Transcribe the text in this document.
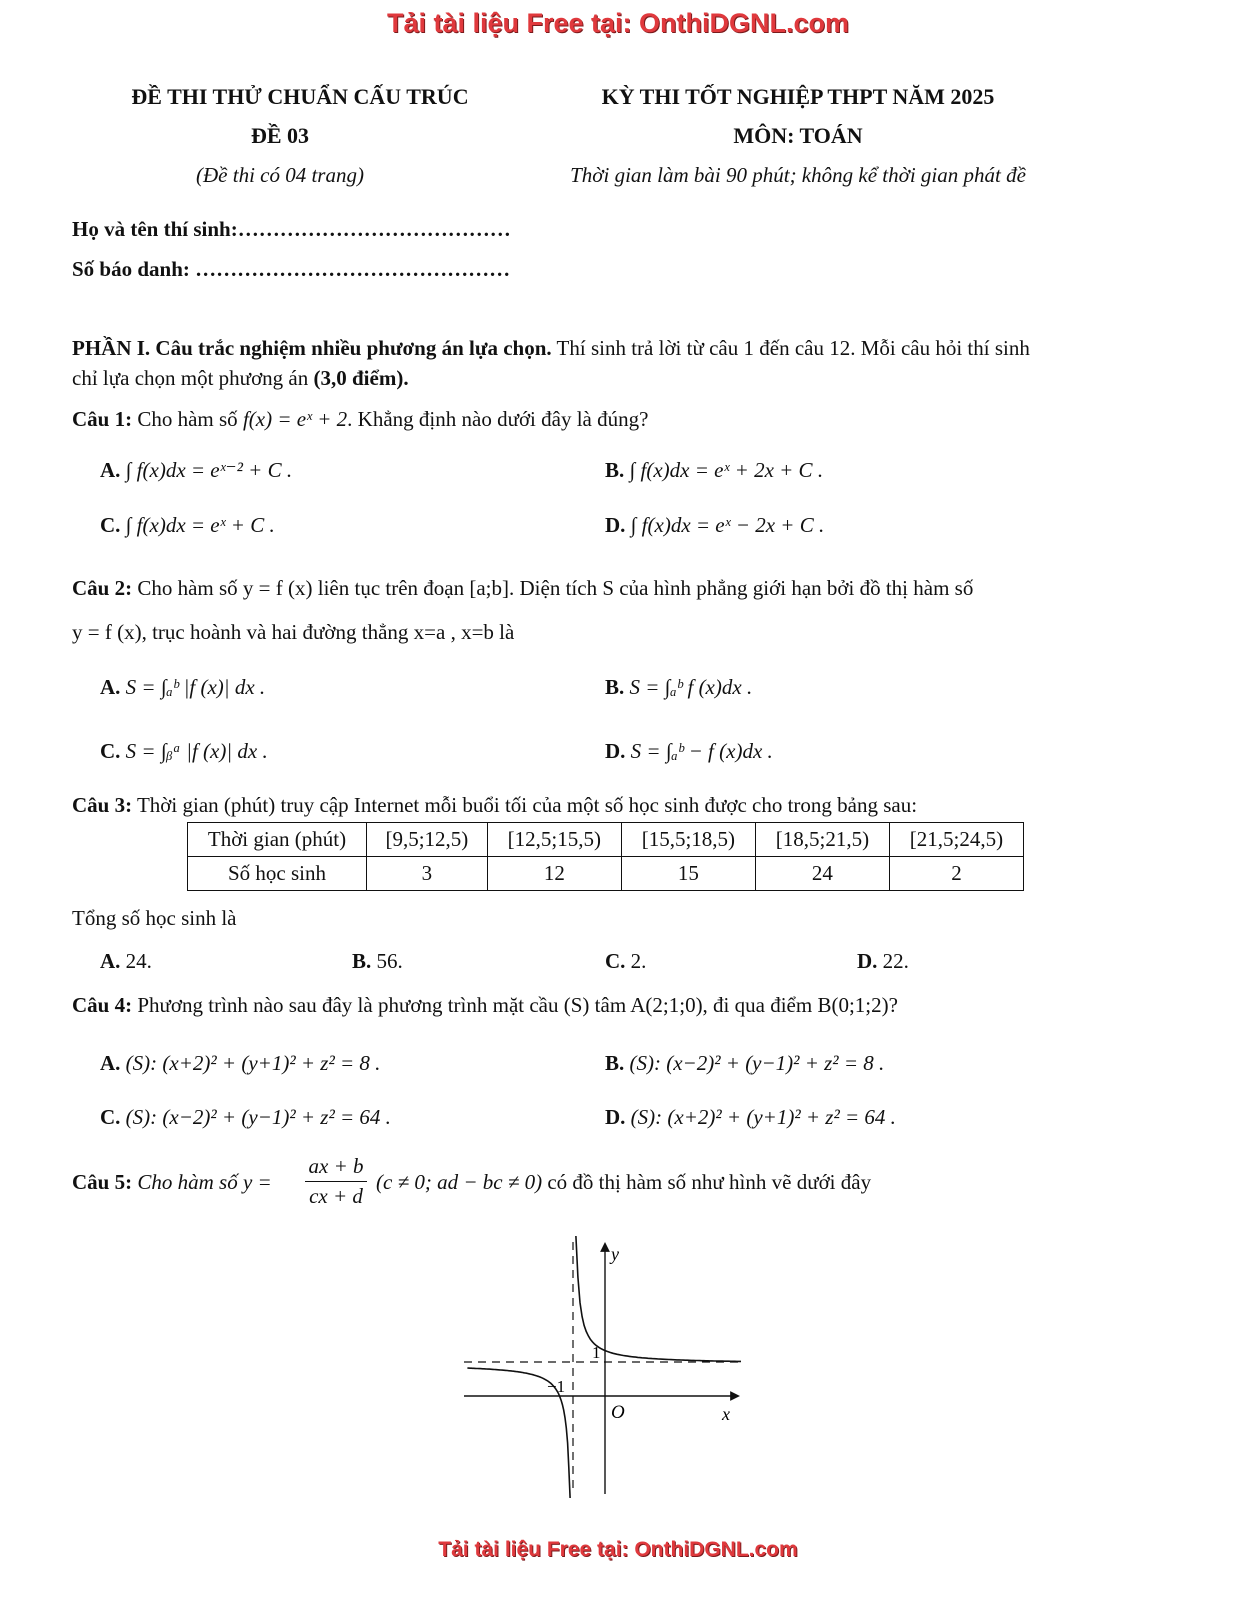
Tải tài liệu Free tại: OnthiDGNL.com
ĐỀ THI THỬ CHUẨN CẤU TRÚC
ĐỀ 03
(Đề thi có 04 trang)
KỲ THI TỐT NGHIỆP THPT NĂM 2025
MÔN: TOÁN
Thời gian làm bài 90 phút; không kể thời gian phát đề
Họ và tên thí sinh:…………………………………
Số báo danh: ………………………………………
PHẦN I. Câu trắc nghiệm nhiều phương án lựa chọn. Thí sinh trả lời từ câu 1 đến câu 12. Mỗi câu hỏi thí sinh
chỉ lựa chọn một phương án (3,0 điểm).
Câu 1: Cho hàm số f(x) = eˣ + 2. Khẳng định nào dưới đây là đúng?
A. ∫ f(x)dx = eˣ⁻² + C .	B. ∫ f(x)dx = eˣ + 2x + C .
C. ∫ f(x)dx = eˣ + C .	D. ∫ f(x)dx = eˣ − 2x + C .
Câu 2: Cho hàm số y = f (x) liên tục trên đoạn [a;b]. Diện tích S của hình phẳng giới hạn bởi đồ thị hàm số
y = f (x), trục hoành và hai đường thẳng x=a , x=b là
A. S = ∫ₐᵇ |f (x)| dx .	B. S = ∫ₐᵇ f (x)dx .
C. S = ∫ᵦᵃ |f (x)| dx .	D. S = ∫ₐᵇ − f (x)dx .
Câu 3: Thời gian (phút) truy cập Internet mỗi buổi tối của một số học sinh được cho trong bảng sau:
Thời gian (phút)	[9,5;12,5)	[12,5;15,5)	[15,5;18,5)	[18,5;21,5)	[21,5;24,5)
Số học sinh	3	12	15	24	2
Tổng số học sinh là
A. 24.	B. 56.	C. 2.	D. 22.
Câu 4: Phương trình nào sau đây là phương trình mặt cầu (S) tâm A(2;1;0), đi qua điểm B(0;1;2)?
A. (S): (x+2)² + (y+1)² + z² = 8 .	B. (S): (x−2)² + (y−1)² + z² = 8 .
C. (S): (x−2)² + (y−1)² + z² = 64 .	D. (S): (x+2)² + (y+1)² + z² = 64 .
Câu 5: Cho hàm số $y = \frac{ax + b}{cx + d} (c \ne 0$; ad − bc ≠ 0) có đồ thị hàm số như hình vẽ dưới đây
y
x
O
1
−1
Tải tài liệu Free tại: OnthiDGNL.com
